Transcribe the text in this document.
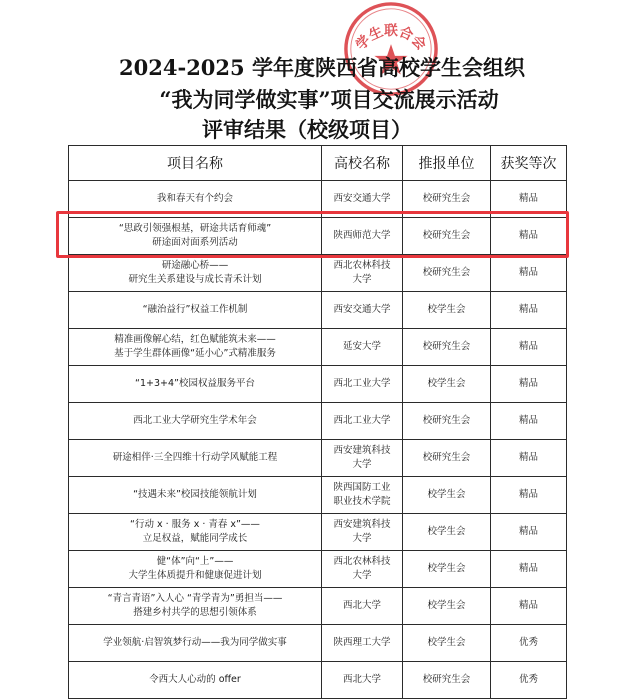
学生联合会
2024-2025 学年度陕西省高校学生会组织
“我为同学做实事”项目交流展示活动
评审结果（校级项目）
项目名称	高校名称	推报单位	获奖等次

我和春天有个约会	西安交通大学	校研究生会	精品

“思政引领强根基，研途共话育师魂”
研途面对面系列活动	陕西师范大学	校研究生会	精品

研途融心桥——
研究生关系建设与成长青禾计划	西北农林科技
大学	校研究生会	精品

“融治益行”权益工作机制	西安交通大学	校学生会	精品

精准画像解心结，红色赋能筑未来——
基于学生群体画像“延小心”式精准服务	延安大学	校研究生会	精品

“1+3+4”校园权益服务平台	西北工业大学	校学生会	精品

西北工业大学研究生学术年会	西北工业大学	校研究生会	精品

研途相伴·三全四维十行动学风赋能工程	西安建筑科技
大学	校研究生会	精品

“技遇未来”校园技能领航计划	陕西国防工业
职业技术学院	校学生会	精品

“行动 x · 服务 x · 青春 x”——
立足权益，赋能同学成长	西安建筑科技
大学	校学生会	精品

健“体”向“上”——
大学生体质提升和健康促进计划	西北农林科技
大学	校学生会	精品

“青言青语”入人心 “青学青为”勇担当——
搭建乡村共学的思想引领体系	西北大学	校学生会	精品

学业领航·启智筑梦行动——我为同学做实事	陕西理工大学	校学生会	优秀

令西大人心动的 offer	西北大学	校研究生会	优秀
